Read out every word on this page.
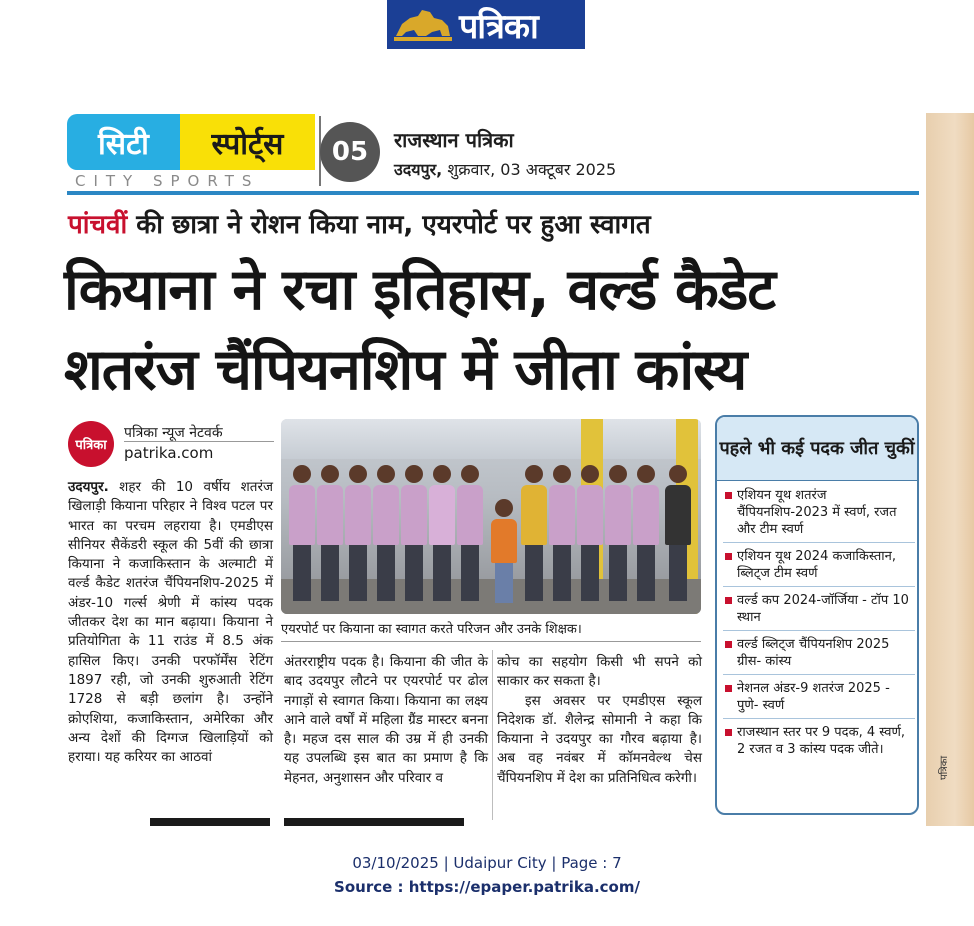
पत्रिका
सिटी	स्पोर्ट्स
CITY SPORTS
05	राजस्थान पत्रिका
उदयपुर, शुक्रवार, 03 अक्टूबर 2025
पांचवीं की छात्रा ने रोशन किया नाम, एयरपोर्ट पर हुआ स्वागत
कियाना ने रचा इतिहास, वर्ल्ड कैडेट शतरंज चैंपियनशिप में जीता कांस्य
पत्रिका
पत्रिका न्यूज नेटवर्क
patrika.com
उदयपुर. शहर की 10 वर्षीय शतरंज खिलाड़ी कियाना परिहार ने विश्व पटल पर भारत का परचम लहराया है। एमडीएस सीनियर सैकेंडरी स्कूल की 5वीं की छात्रा कियाना ने कजाकिस्तान के अल्माटी में वर्ल्ड कैडेट शतरंज चैंपियनशिप-2025 में अंडर-10 गर्ल्स श्रेणी में कांस्य पदक जीतकर देश का मान बढ़ाया। कियाना ने प्रतियोगिता के 11 राउंड में 8.5 अंक हासिल किए। उनकी परफॉर्मेंस रेटिंग 1897 रही, जो उनकी शुरुआती रेटिंग 1728 से बड़ी छलांग है। उन्होंने क्रोएशिया, कजाकिस्तान, अमेरिका और अन्य देशों की दिग्गज खिलाड़ियों को हराया। यह करियर का आठवां
एयरपोर्ट पर कियाना का स्वागत करते परिजन और उनके शिक्षक।
अंतरराष्ट्रीय पदक है। कियाना की जीत के बाद उदयपुर लौटने पर एयरपोर्ट पर ढोल नगाड़ों से स्वागत किया। कियाना का लक्ष्य आने वाले वर्षों में महिला ग्रैंड मास्टर बनना है। महज दस साल की उम्र में ही उनकी यह उपलब्धि इस बात का प्रमाण है कि मेहनत, अनुशासन और परिवार व
कोच का सहयोग किसी भी सपने को साकार कर सकता है।
इस अवसर पर एमडीएस स्कूल निदेशक डॉ. शैलेन्द्र सोमानी ने कहा कि कियाना ने उदयपुर का गौरव बढ़ाया है। अब वह नवंबर में कॉमनवेल्थ चेस चैंपियनशिप में देश का प्रतिनिधित्व करेगी।
पहले भी कई पदक जीत चुकीं
एशियन यूथ शतरंज चैंपियनशिप-2023 में स्वर्ण, रजत और टीम स्वर्ण
एशियन यूथ 2024 कजाकिस्तान, ब्लिट्ज टीम स्वर्ण
वर्ल्ड कप 2024-जॉर्जिया - टॉप 10 स्थान
वर्ल्ड ब्लिट्ज चैंपियनशिप 2025 ग्रीस- कांस्य
नेशनल अंडर-9 शतरंज 2025 - पुणे- स्वर्ण
राजस्थान स्तर पर 9 पदक, 4 स्वर्ण, 2 रजत व 3 कांस्य पदक जीते।
पत्रिका
03/10/2025 | Udaipur City | Page : 7
Source : https://epaper.patrika.com/
